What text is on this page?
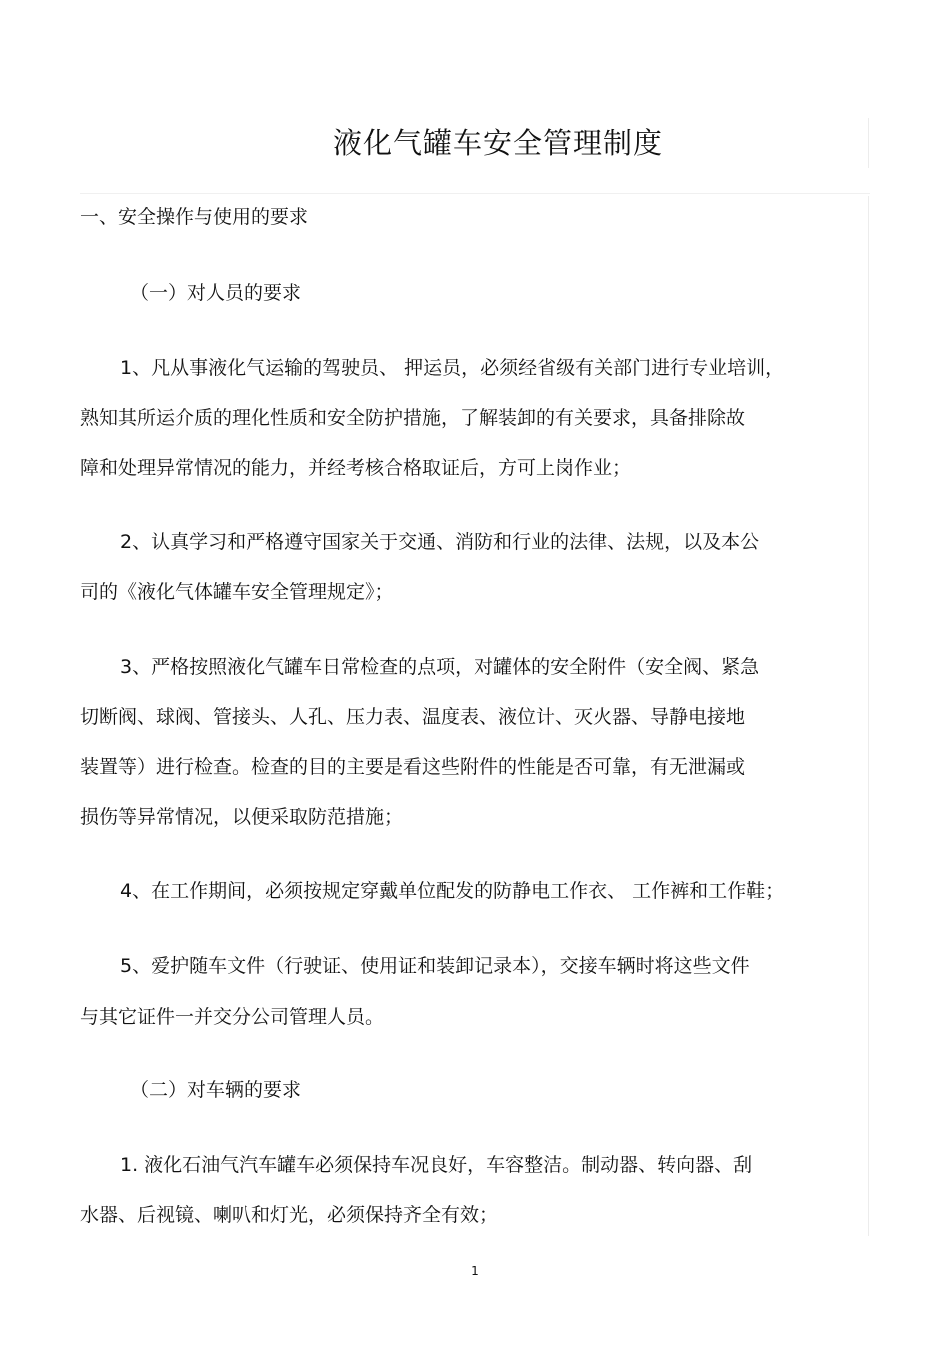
液化气罐车安全管理制度
一、安全操作与使用的要求
（一）对人员的要求
1、凡从事液化气运输的驾驶员、 押运员，必须经省级有关部门进行专业培训，
熟知其所运介质的理化性质和安全防护措施，了解装卸的有关要求，具备排除故
障和处理异常情况的能力，并经考核合格取证后，方可上岗作业；
2、认真学习和严格遵守国家关于交通、消防和行业的法律、法规，以及本公
司的《液化气体罐车安全管理规定》；
3、严格按照液化气罐车日常检查的点项，对罐体的安全附件（安全阀、紧急
切断阀、球阀、管接头、人孔、压力表、温度表、液位计、灭火器、导静电接地
装置等）进行检查。检查的目的主要是看这些附件的性能是否可靠，有无泄漏或
损伤等异常情况，以便采取防范措施；
4、在工作期间，必须按规定穿戴单位配发的防静电工作衣、 工作裤和工作鞋；
5、爱护随车文件（行驶证、使用证和装卸记录本），交接车辆时将这些文件
与其它证件一并交分公司管理人员。
（二）对车辆的要求
1. 液化石油气汽车罐车必须保持车况良好，车容整洁。制动器、转向器、刮
水器、后视镜、喇叭和灯光，必须保持齐全有效；
1
